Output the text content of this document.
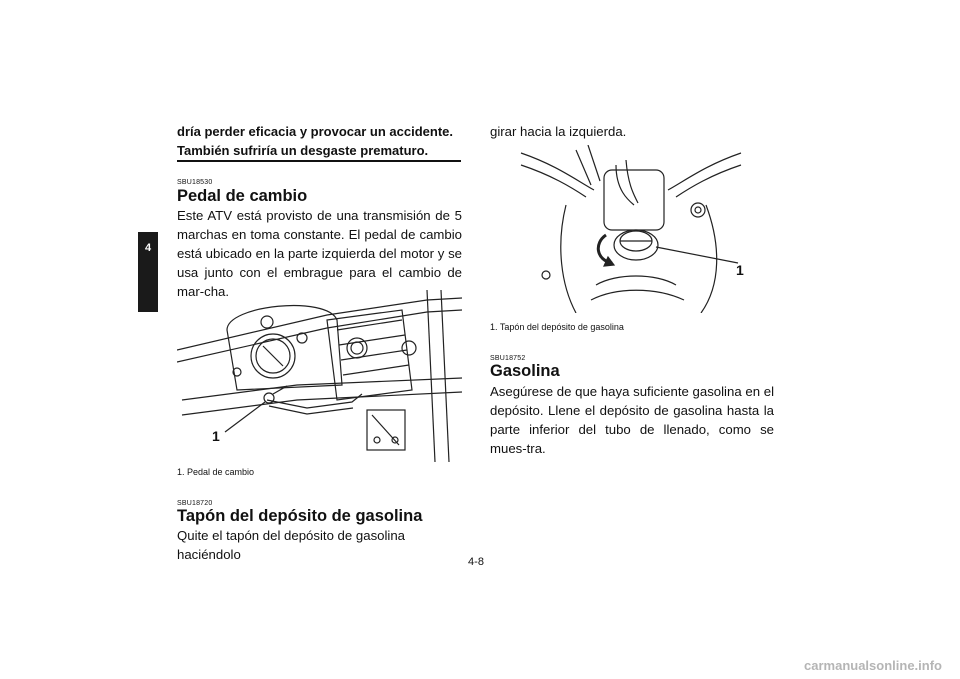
4
dría perder eficacia y provocar un accidente. También sufriría un desgaste prematuro.
SBU18530
Pedal de cambio
Este ATV está provisto de una transmisión de 5 marchas en toma constante. El pedal de cambio está ubicado en la parte izquierda del motor y se usa junto con el embrague para el cambio de mar-cha.
1
1. Pedal de cambio
SBU18720
Tapón del depósito de gasolina
Quite el tapón del depósito de gasolina haciéndolo
girar hacia la izquierda.
1
1. Tapón del depósito de gasolina
SBU18752
Gasolina
Asegúrese de que haya suficiente gasolina en el depósito. Llene el depósito de gasolina hasta la parte inferior del tubo de llenado, como se mues-tra.
4-8
carmanualsonline.info
